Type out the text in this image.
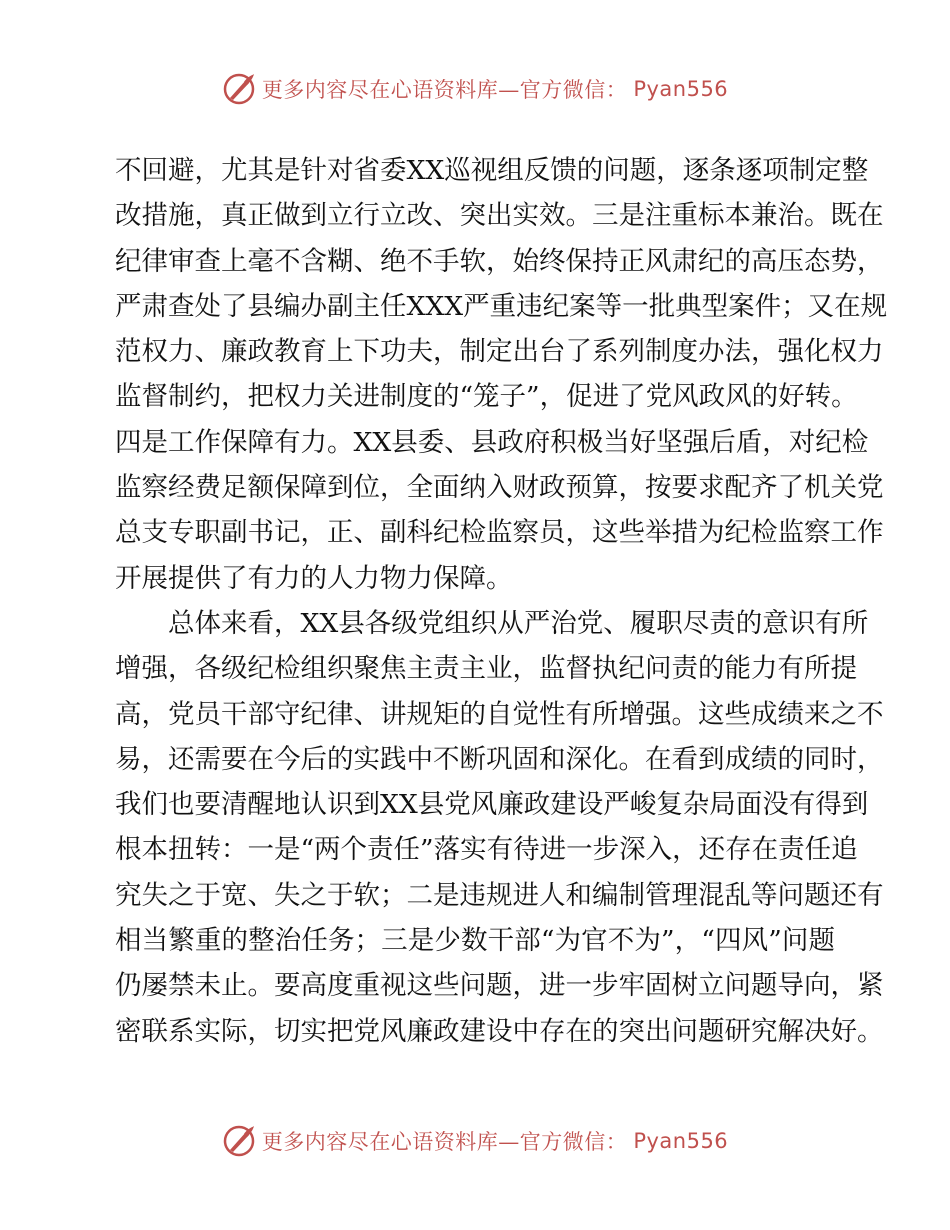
更多内容尽在心语资料库—官方微信： Pyan556
不回避，尤其是针对省委XX巡视组反馈的问题，逐条逐项制定整
改措施，真正做到立行立改、突出实效。三是注重标本兼治。既在
纪律审查上毫不含糊、绝不手软，始终保持正风肃纪的高压态势，
严肃查处了县编办副主任XXX严重违纪案等一批典型案件；又在规
范权力、廉政教育上下功夫，制定出台了系列制度办法，强化权力
监督制约，把权力关进制度的“笼子”，促进了党风政风的好转。
四是工作保障有力。XX县委、县政府积极当好坚强后盾，对纪检
监察经费足额保障到位，全面纳入财政预算，按要求配齐了机关党
总支专职副书记，正、副科纪检监察员，这些举措为纪检监察工作
开展提供了有力的人力物力保障。
总体来看，XX县各级党组织从严治党、履职尽责的意识有所
增强，各级纪检组织聚焦主责主业，监督执纪问责的能力有所提
高，党员干部守纪律、讲规矩的自觉性有所增强。这些成绩来之不
易，还需要在今后的实践中不断巩固和深化。在看到成绩的同时，
我们也要清醒地认识到XX县党风廉政建设严峻复杂局面没有得到
根本扭转：一是“两个责任”落实有待进一步深入，还存在责任追
究失之于宽、失之于软；二是违规进人和编制管理混乱等问题还有
相当繁重的整治任务；三是少数干部“为官不为”，“四风”问题
仍屡禁未止。要高度重视这些问题，进一步牢固树立问题导向，紧
密联系实际，切实把党风廉政建设中存在的突出问题研究解决好。
更多内容尽在心语资料库—官方微信： Pyan556
